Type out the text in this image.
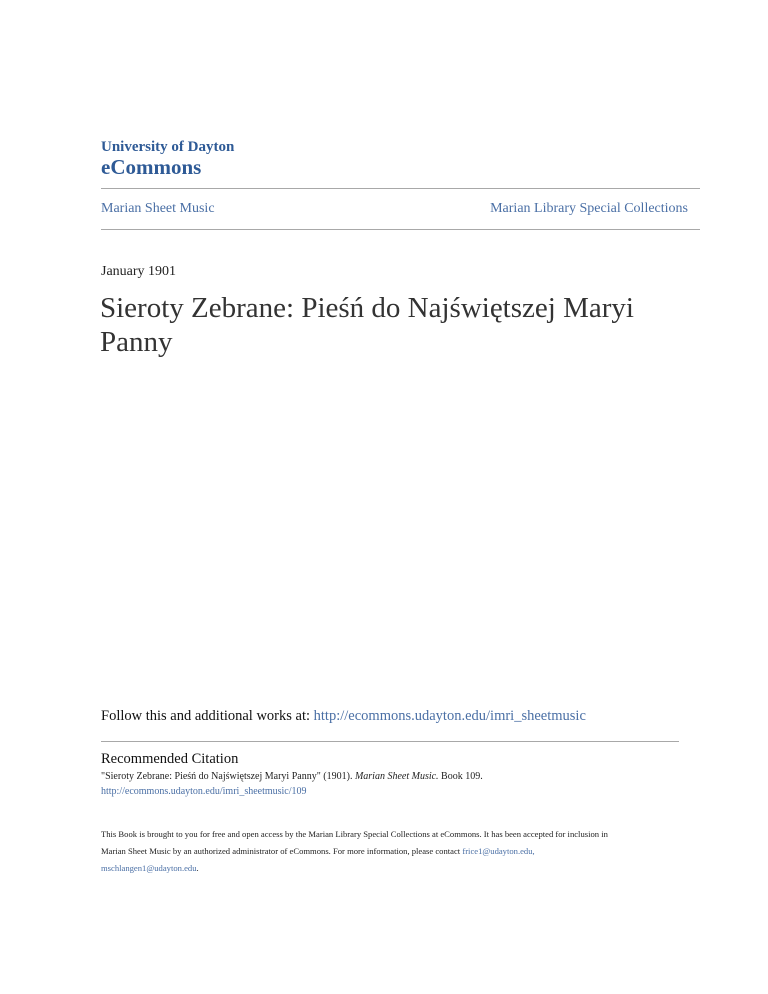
University of Dayton
eCommons
Marian Sheet Music	Marian Library Special Collections
January 1901
Sieroty Zebrane: Pieśń do Najświętszej Maryi Panny
Follow this and additional works at: http://ecommons.udayton.edu/imri_sheetmusic
Recommended Citation
"Sieroty Zebrane: Pieśń do Najświętszej Maryi Panny" (1901). Marian Sheet Music. Book 109.
http://ecommons.udayton.edu/imri_sheetmusic/109
This Book is brought to you for free and open access by the Marian Library Special Collections at eCommons. It has been accepted for inclusion in
Marian Sheet Music by an authorized administrator of eCommons. For more information, please contact frice1@udayton.edu,
mschlangen1@udayton.edu.
